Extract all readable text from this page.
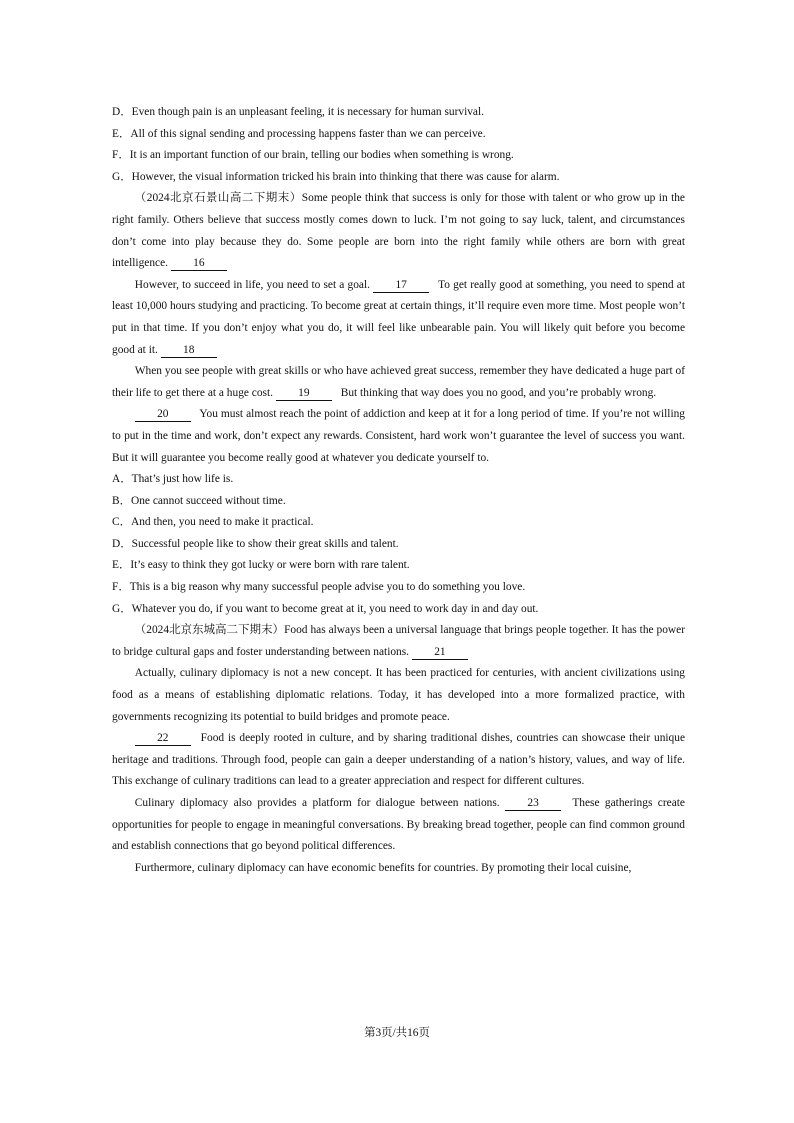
D．Even though pain is an unpleasant feeling, it is necessary for human survival.
E．All of this signal sending and processing happens faster than we can perceive.
F．It is an important function of our brain, telling our bodies when something is wrong.
G．However, the visual information tricked his brain into thinking that there was cause for alarm.

（2024北京石景山高二下期末）Some people think that success is only for those with talent or who grow up in the right family. Others believe that success mostly comes down to luck. I’m not going to say luck, talent, and circumstances don’t come into play because they do. Some people are born into the right family while others are born with great intelligence. 16

However, to succeed in life, you need to set a goal. 17	To get really good at something, you need to spend at least 10,000 hours studying and practicing. To become great at certain things, it’ll require even more time. Most people won’t put in that time. If you don’t enjoy what you do, it will feel like unbearable pain. You will likely quit before you become good at it. 18

When you see people with great skills or who have achieved great success, remember they have dedicated a huge part of their life to get there at a huge cost. 19	But thinking that way does you no good, and you’re probably wrong.

20	You must almost reach the point of addiction and keep at it for a long period of time. If you’re not willing to put in the time and work, don’t expect any rewards. Consistent, hard work won’t guarantee the level of success you want. But it will guarantee you become really good at whatever you dedicate yourself to.

A．That’s just how life is.
B．One cannot succeed without time.
C．And then, you need to make it practical.
D．Successful people like to show their great skills and talent.
E．It’s easy to think they got lucky or were born with rare talent.
F．This is a big reason why many successful people advise you to do something you love.
G．Whatever you do, if you want to become great at it, you need to work day in and day out.

（2024北京东城高二下期末）Food has always been a universal language that brings people together. It has the power to bridge cultural gaps and foster understanding between nations. 21

Actually, culinary diplomacy is not a new concept. It has been practiced for centuries, with ancient civilizations using food as a means of establishing diplomatic relations. Today, it has developed into a more formalized practice, with governments recognizing its potential to build bridges and promote peace.

22	Food is deeply rooted in culture, and by sharing traditional dishes, countries can showcase their unique heritage and traditions. Through food, people can gain a deeper understanding of a nation’s history, values, and way of life. This exchange of culinary traditions can lead to a greater appreciation and respect for different cultures.

Culinary diplomacy also provides a platform for dialogue between nations. 23	These gatherings create opportunities for people to engage in meaningful conversations. By breaking bread together, people can find common ground and establish connections that go beyond political differences.

Furthermore, culinary diplomacy can have economic benefits for countries. By promoting their local cuisine,

第3页/共16页
